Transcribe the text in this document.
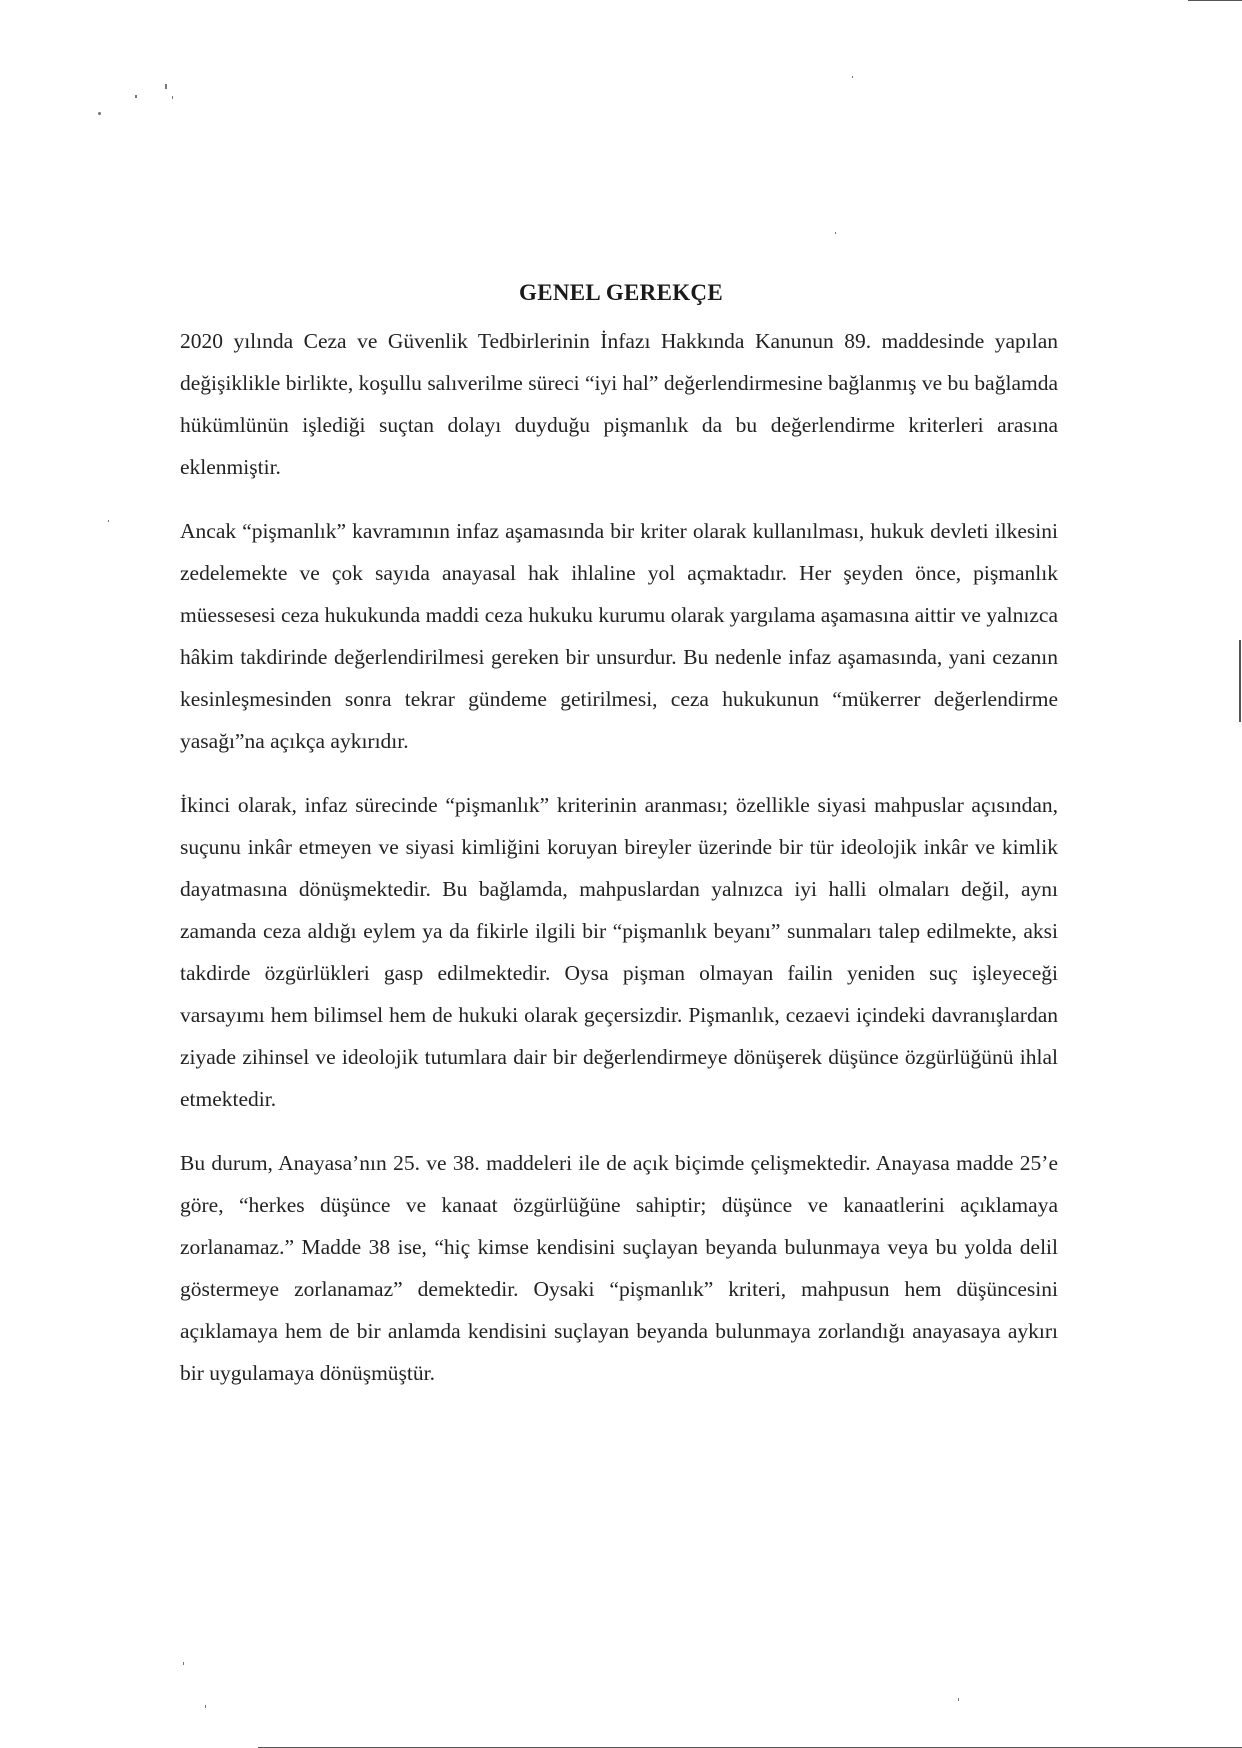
GENEL GEREKÇE

2020 yılında Ceza ve Güvenlik Tedbirlerinin İnfazı Hakkında Kanunun 89. maddesinde yapılan değişiklikle birlikte, koşullu salıverilme süreci “iyi hal” değerlendirmesine bağlanmış ve bu bağlamda hükümlünün işlediği suçtan dolayı duyduğu pişmanlık da bu değerlendirme kriterleri arasına eklenmiştir.

Ancak “pişmanlık” kavramının infaz aşamasında bir kriter olarak kullanılması, hukuk devleti ilkesini zedelemekte ve çok sayıda anayasal hak ihlaline yol açmaktadır. Her şeyden önce, pişmanlık müessesesi ceza hukukunda maddi ceza hukuku kurumu olarak yargılama aşamasına aittir ve yalnızca hâkim takdirinde değerlendirilmesi gereken bir unsurdur. Bu nedenle infaz aşamasında, yani cezanın kesinleşmesinden sonra tekrar gündeme getirilmesi, ceza hukukunun “mükerrer değerlendirme yasağı”na açıkça aykırıdır.

İkinci olarak, infaz sürecinde “pişmanlık” kriterinin aranması; özellikle siyasi mahpuslar açısından, suçunu inkâr etmeyen ve siyasi kimliğini koruyan bireyler üzerinde bir tür ideolojik inkâr ve kimlik dayatmasına dönüşmektedir. Bu bağlamda, mahpuslardan yalnızca iyi halli olmaları değil, aynı zamanda ceza aldığı eylem ya da fikirle ilgili bir “pişmanlık beyanı” sunmaları talep edilmekte, aksi takdirde özgürlükleri gasp edilmektedir. Oysa pişman olmayan failin yeniden suç işleyeceği varsayımı hem bilimsel hem de hukuki olarak geçersizdir. Pişmanlık, cezaevi içindeki davranışlardan ziyade zihinsel ve ideolojik tutumlara dair bir değerlendirmeye dönüşerek düşünce özgürlüğünü ihlal etmektedir.

Bu durum, Anayasa’nın 25. ve 38. maddeleri ile de açık biçimde çelişmektedir. Anayasa madde 25’e göre, “herkes düşünce ve kanaat özgürlüğüne sahiptir; düşünce ve kanaatlerini açıklamaya zorlanamaz.” Madde 38 ise, “hiç kimse kendisini suçlayan beyanda bulunmaya veya bu yolda delil göstermeye zorlanamaz” demektedir. Oysaki “pişmanlık” kriteri, mahpusun hem düşüncesini açıklamaya hem de bir anlamda kendisini suçlayan beyanda bulunmaya zorlandığı anayasaya aykırı bir uygulamaya dönüşmüştür.
